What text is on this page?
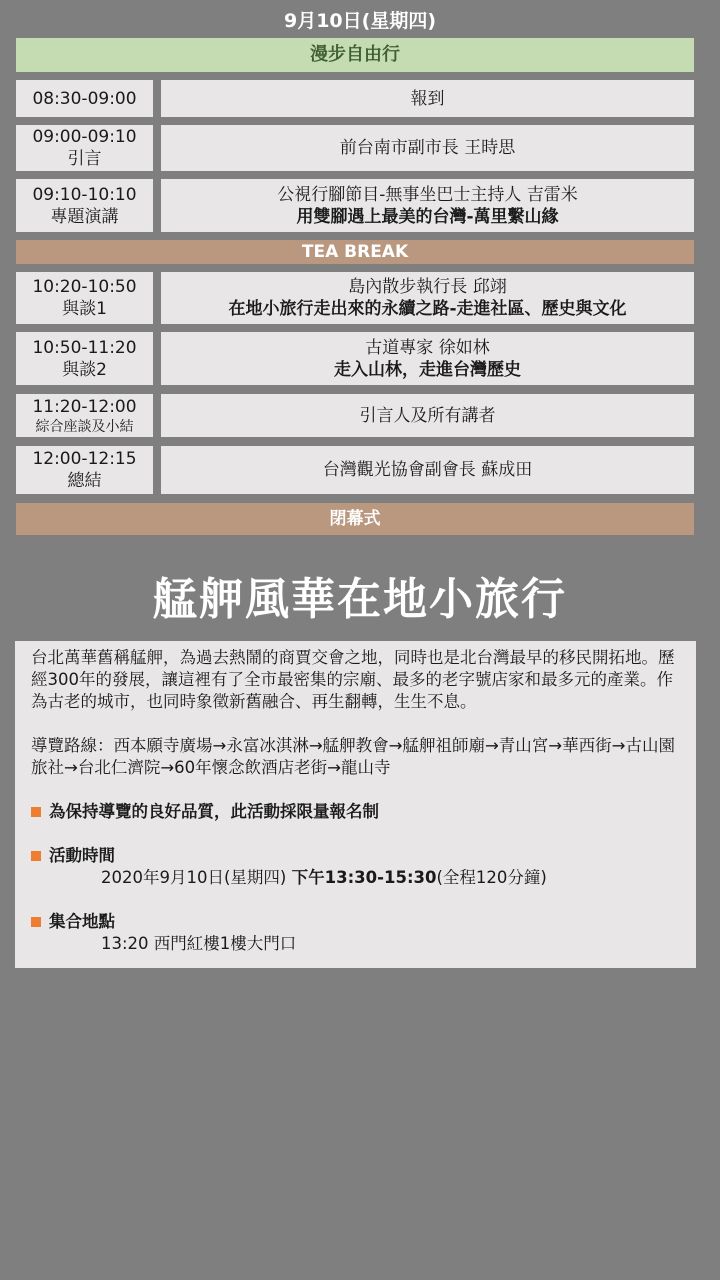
9月10日(星期四)
漫步自由行
08:30-09:00	報到
09:00-09:10
引言
前台南市副市長 王時思
09:10-10:10
專題演講
公視行腳節目-無事坐巴士主持人 吉雷米
用雙腳遇上最美的台灣-萬里繫山緣
TEA BREAK
10:20-10:50
與談1
島內散步執行長 邱翊
在地小旅行走出來的永續之路-走進社區、歷史與文化
10:50-11:20
與談2
古道專家 徐如林
走入山林，走進台灣歷史
11:20-12:00
綜合座談及小結
引言人及所有講者
12:00-12:15
總結
台灣觀光協會副會長 蘇成田
閉幕式
艋舺風華在地小旅行

台北萬華舊稱艋舺，為過去熱鬧的商賈交會之地，同時也是北台灣最早的移民開拓地。歷經300年的發展，讓這裡有了全市最密集的宗廟、最多的老字號店家和最多元的產業。作為古老的城市，也同時象徵新舊融合、再生翻轉，生生不息。

導覽路線：西本願寺廣場→永富冰淇淋→艋舺教會→艋舺祖師廟→青山宮→華西街→古山園旅社→台北仁濟院→60年懷念飲酒店老街→龍山寺

為保持導覽的良好品質，此活動採限量報名制
活動時間

2020年9月10日(星期四) 下午13:30-15:30(全程120分鐘)

集合地點

13:20 西門紅樓1樓大門口
